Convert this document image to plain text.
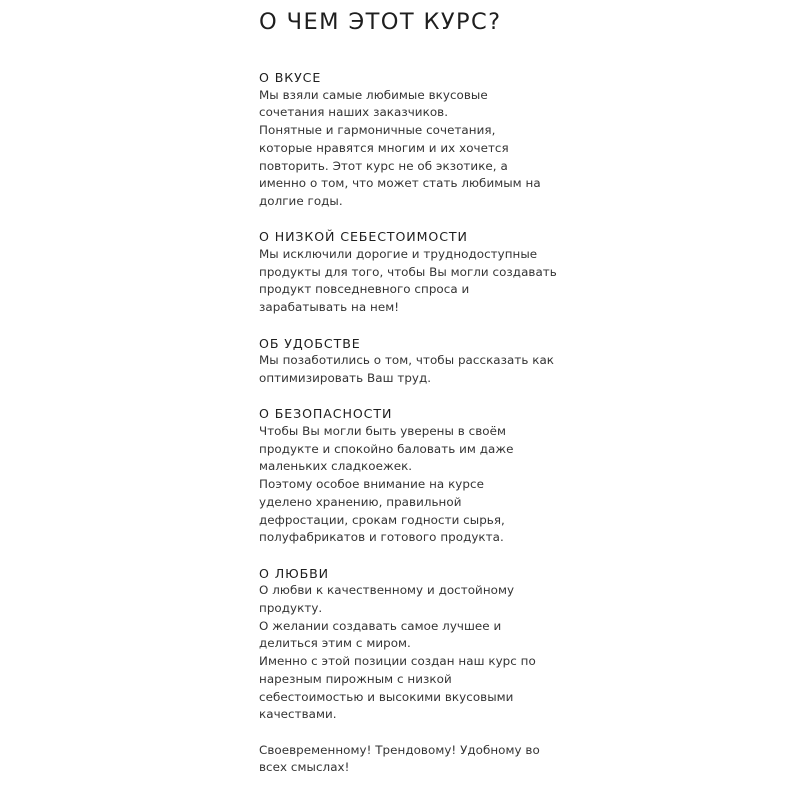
О ЧЕМ ЭТОТ КУРС?
О ВКУСЕ
Мы взяли самые любимые вкусовые
сочетания наших заказчиков.
Понятные и гармоничные сочетания,
которые нравятся многим и их хочется
повторить. Этот курс не об экзотике, а
именно о том, что может стать любимым на
долгие годы.
О НИЗКОЙ СЕБЕСТОИМОСТИ
Мы исключили дорогие и труднодоступные
продукты для того, чтобы Вы могли создавать
продукт повседневного спроса и
зарабатывать на нем!
ОБ УДОБСТВЕ
Мы позаботились о том, чтобы рассказать как
оптимизировать Ваш труд.
О БЕЗОПАСНОСТИ
Чтобы Вы могли быть уверены в своём
продукте и спокойно баловать им даже
маленьких сладкоежек.
Поэтому особое внимание на курсе
уделено хранению, правильной
дефростации, срокам годности сырья,
полуфабрикатов и готового продукта.
О ЛЮБВИ
О любви к качественному и достойному
продукту.
О желании создавать самое лучшее и
делиться этим с миром.
Именно с этой позиции создан наш курс по
нарезным пирожным с низкой
себестоимостью и высокими вкусовыми
качествами.
Своевременному! Трендовому! Удобному во
всех смыслах!
